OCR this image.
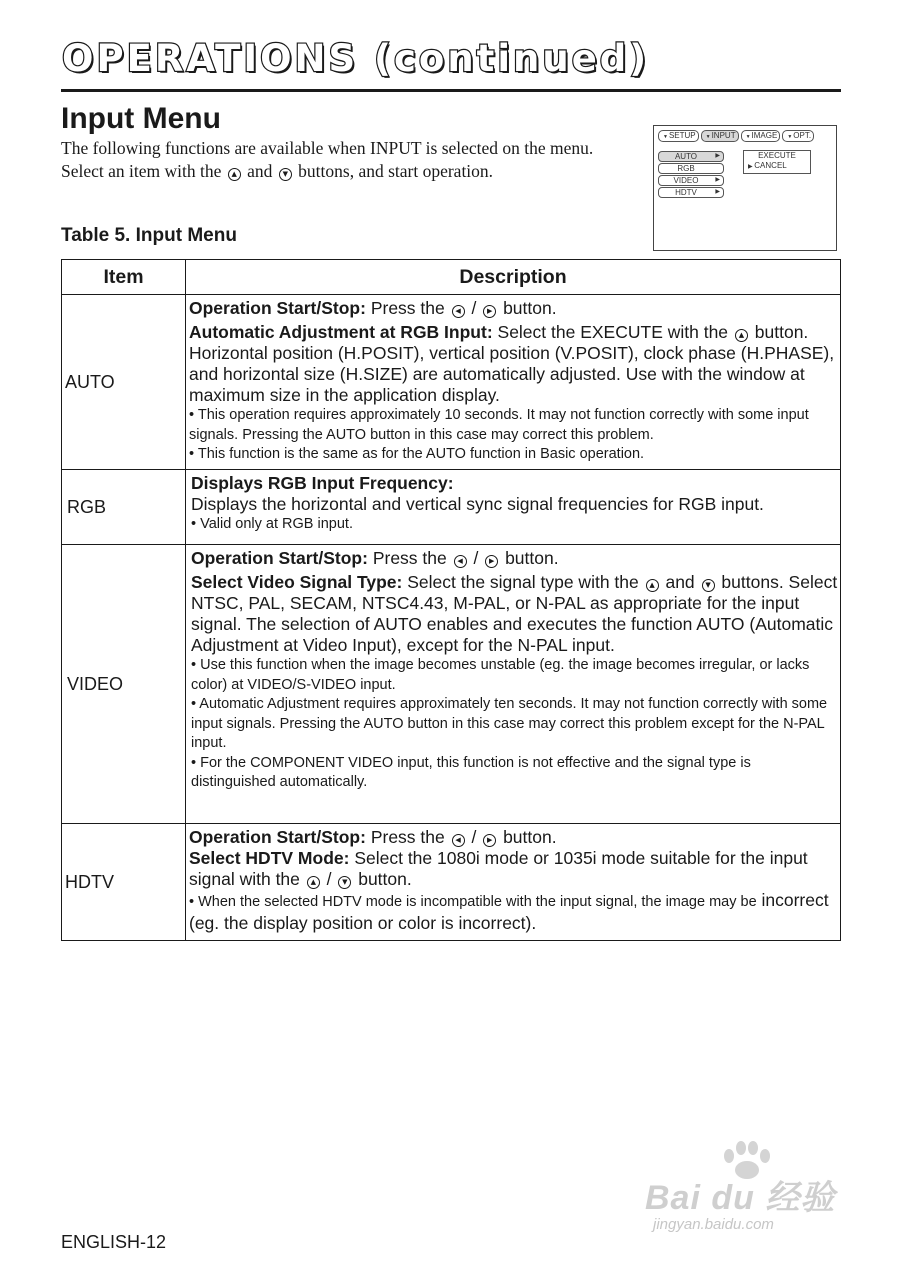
OPERATIONS (continued)
Input Menu
The following functions are available when INPUT is selected on the menu. Select an item with the ▲ and ▼ buttons, and start operation.
▼SETUP	▼INPUT	▼IMAGE	▼OPT.
AUTO	▶
RGB
VIDEO	▶
HDTV	▶
EXECUTE
▶ CANCEL
Table 5. Input Menu
Item	Description
AUTO	Operation Start/Stop: Press the ◀ / ▶ button.

Automatic Adjustment at RGB Input: Select the EXECUTE with the ▲ button. Horizontal position (H.POSIT), vertical position (V.POSIT), clock phase (H.PHASE), and horizontal size (H.SIZE) are automatically adjusted. Use with the window at maximum size in the application display.

• This operation requires approximately 10 seconds. It may not function correctly with some input signals. Pressing the AUTO button in this case may correct this problem.

• This function is the same as for the AUTO function in Basic operation.

RGB	Displays RGB Input Frequency:

Displays the horizontal and vertical sync signal frequencies for RGB input.

• Valid only at RGB input.

VIDEO	Operation Start/Stop: Press the ◀ / ▶ button.

Select Video Signal Type: Select the signal type with the ▲ and ▼ buttons. Select NTSC, PAL, SECAM, NTSC4.43, M-PAL, or N-PAL as appropriate for the input signal. The selection of AUTO enables and executes the function AUTO (Automatic Adjustment at Video Input), except for the N-PAL input.

• Use this function when the image becomes unstable (eg. the image becomes irregular, or lacks color) at VIDEO/S-VIDEO input.

• Automatic Adjustment requires approximately ten seconds. It may not function correctly with some input signals. Pressing the AUTO button in this case may correct this problem except for the N-PAL input.

• For the COMPONENT VIDEO input, this function is not effective and the signal type is distinguished automatically.

HDTV	Operation Start/Stop: Press the ◀ / ▶ button.

Select HDTV Mode: Select the 1080i mode or 1035i mode suitable for the input signal with the ▲ / ▼ button.

• When the selected HDTV mode is incompatible with the input signal, the image may be incorrect (eg. the display position or color is incorrect).

Bai du 经验
jingyan.baidu.com
ENGLISH-12
